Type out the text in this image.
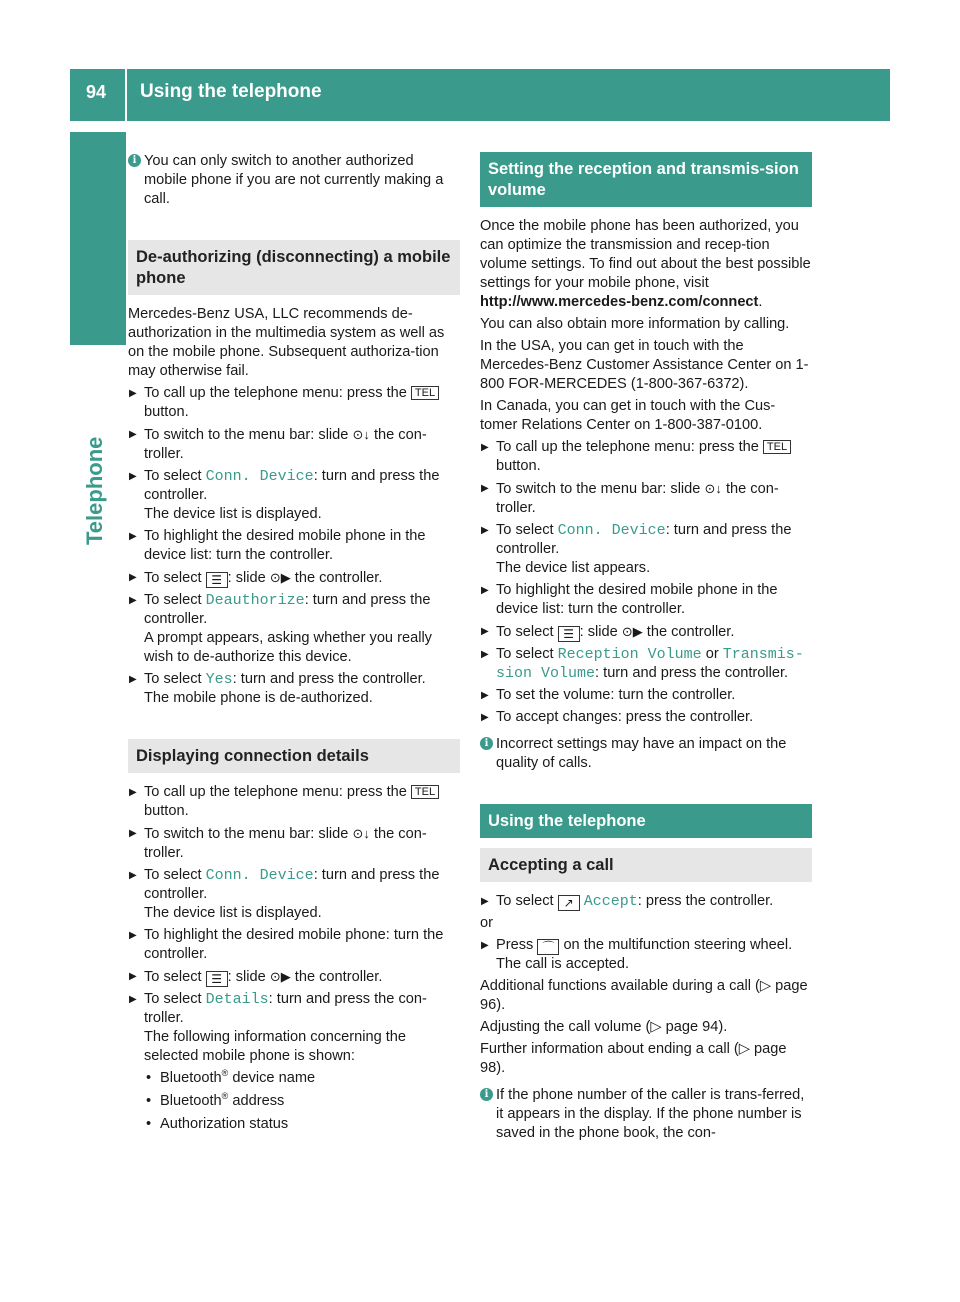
94 Using the telephone
Telephone
i You can only switch to another authorized mobile phone if you are not currently making a call.
De-authorizing (disconnecting) a mobile phone

Mercedes-Benz USA, LLC recommends de-authorization in the multimedia system as well as on the mobile phone. Subsequent authoriza-tion may otherwise fail.

▶ To call up the telephone menu: press the TEL button.
▶ To switch to the menu bar: slide ⊙↓ the con-troller.
▶ To select Conn. Device: turn and press the controller.
The device list is displayed.
▶ To highlight the desired mobile phone in the device list: turn the controller.
▶ To select ☰ : slide ⊙▶ the controller.
▶ To select Deauthorize: turn and press the controller.
A prompt appears, asking whether you really wish to de-authorize this device.
▶ To select Yes: turn and press the controller.
The mobile phone is de-authorized.
Displaying connection details
▶ To call up the telephone menu: press the TEL button.
▶ To switch to the menu bar: slide ⊙↓ the con-troller.
▶ To select Conn. Device: turn and press the controller.
The device list is displayed.
▶ To highlight the desired mobile phone: turn the controller.
▶ To select ☰ : slide ⊙▶ the controller.
▶ To select Details: turn and press the con-troller.
The following information concerning the selected mobile phone is shown:
• Bluetooth® device name
• Bluetooth® address
• Authorization status
Setting the reception and transmis-sion volume

Once the mobile phone has been authorized, you can optimize the transmission and recep-tion volume settings. To find out about the best possible settings for your mobile phone, visit http://www.mercedes-benz.com/connect.

You can also obtain more information by calling.

In the USA, you can get in touch with the Mercedes-Benz Customer Assistance Center on 1-800 FOR-MERCEDES (1-800-367-6372).

In Canada, you can get in touch with the Cus-tomer Relations Center on 1-800-387-0100.

▶ To call up the telephone menu: press the TEL button.
▶ To switch to the menu bar: slide ⊙↓ the con-troller.
▶ To select Conn. Device: turn and press the controller.
The device list appears.
▶ To highlight the desired mobile phone in the device list: turn the controller.
▶ To select ☰ : slide ⊙▶ the controller.
▶ To select Reception Volume or Transmis-sion Volume: turn and press the controller.
▶ To set the volume: turn the controller.
▶ To accept changes: press the controller.
i Incorrect settings may have an impact on the quality of calls.
Using the telephone
Accepting a call
▶ To select ↗ Accept: press the controller.

or

▶ Press ⌒ on the multifunction steering wheel.
The call is accepted.

Additional functions available during a call (▷ page 96).

Adjusting the call volume (▷ page 94).

Further information about ending a call (▷ page 98).

i If the phone number of the caller is trans-ferred, it appears in the display. If the phone number is saved in the phone book, the con-
